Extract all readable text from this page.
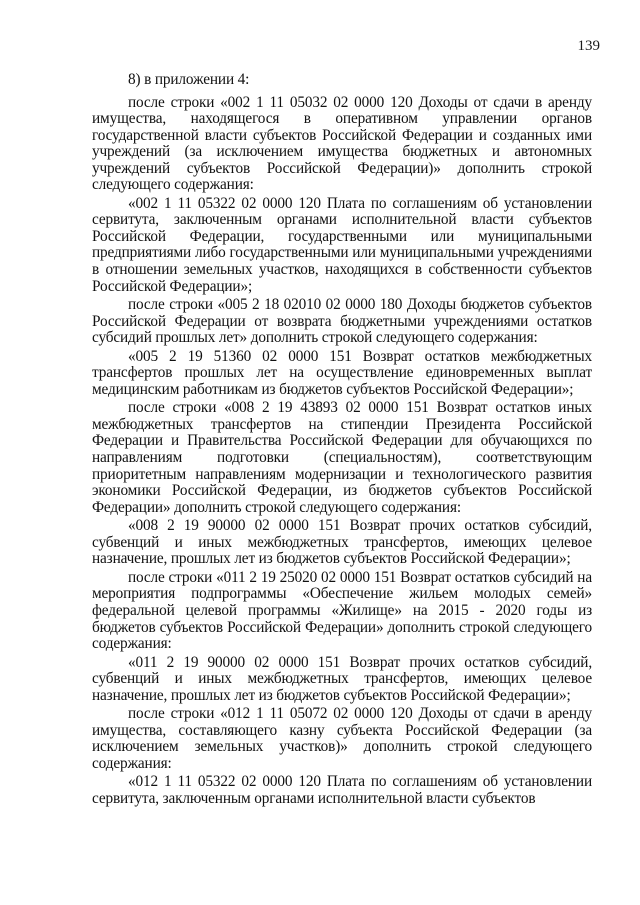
139

8) в приложении 4:

после строки «002 1 11 05032 02 0000 120 Доходы от сдачи в аренду имущества, находящегося в оперативном управлении органов государственной власти субъектов Российской Федерации и созданных ими учреждений (за исключением имущества бюджетных и автономных учреждений субъектов Российской Федерации)» дополнить строкой следующего содержания:

«002 1 11 05322 02 0000 120 Плата по соглашениям об установлении сервитута, заключенным органами исполнительной власти субъектов Российской Федерации, государственными или муниципальными предприятиями либо государственными или муниципальными учреждениями в отношении земельных участков, находящихся в собственности субъектов Российской Федерации»;

после строки «005 2 18 02010 02 0000 180 Доходы бюджетов субъектов Российской Федерации от возврата бюджетными учреждениями остатков субсидий прошлых лет» дополнить строкой следующего содержания:

«005 2 19 51360 02 0000 151 Возврат остатков межбюджетных трансфертов прошлых лет на осуществление единовременных выплат медицинским работникам из бюджетов субъектов Российской Федерации»;

после строки «008 2 19 43893 02 0000 151 Возврат остатков иных межбюджетных трансфертов на стипендии Президента Российской Федерации и Правительства Российской Федерации для обучающихся по направлениям подготовки (специальностям), соответствующим приоритетным направлениям модернизации и технологического развития экономики Российской Федерации, из бюджетов субъектов Российской Федерации» дополнить строкой следующего содержания:

«008 2 19 90000 02 0000 151 Возврат прочих остатков субсидий, субвенций и иных межбюджетных трансфертов, имеющих целевое назначение, прошлых лет из бюджетов субъектов Российской Федерации»;

после строки «011 2 19 25020 02 0000 151 Возврат остатков субсидий на мероприятия подпрограммы «Обеспечение жильем молодых семей» федеральной целевой программы «Жилище» на 2015 - 2020 годы из бюджетов субъектов Российской Федерации» дополнить строкой следующего содержания:

«011 2 19 90000 02 0000 151 Возврат прочих остатков субсидий, субвенций и иных межбюджетных трансфертов, имеющих целевое назначение, прошлых лет из бюджетов субъектов Российской Федерации»;

после строки «012 1 11 05072 02 0000 120 Доходы от сдачи в аренду имущества, составляющего казну субъекта Российской Федерации (за исключением земельных участков)» дополнить строкой следующего содержания:

«012 1 11 05322 02 0000 120 Плата по соглашениям об установлении сервитута, заключенным органами исполнительной власти субъектов
